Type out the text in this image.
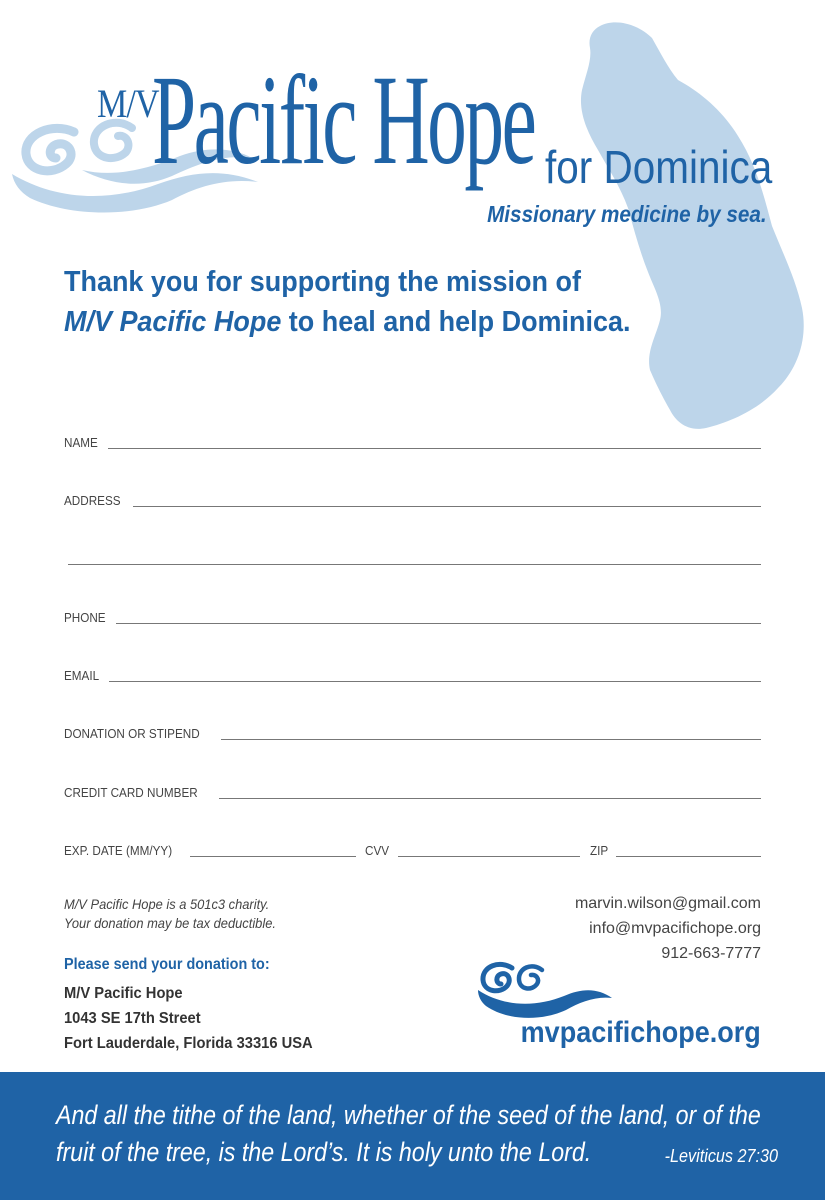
M/V
Pacific Hope for Dominica
Missionary medicine by sea.
Thank you for supporting the mission of
M/V Pacific Hope to heal and help Dominica.
NAME
ADDRESS
PHONE
EMAIL
DONATION OR STIPEND
CREDIT CARD NUMBER
EXP. DATE (MM/YY)	CVV	ZIP
M/V Pacific Hope is a 501c3 charity.
Your donation may be tax deductible.
Please send your donation to:
M/V Pacific Hope
1043 SE 17th Street
Fort Lauderdale, Florida 33316 USA
marvin.wilson@gmail.com
info@mvpacifichope.org
912-663-7777
mvpacifichope.org
And all the tithe of the land, whether of the seed of the land, or of the
fruit of the tree, is the Lord’s. It is holy unto the Lord.	-Leviticus 27:30
